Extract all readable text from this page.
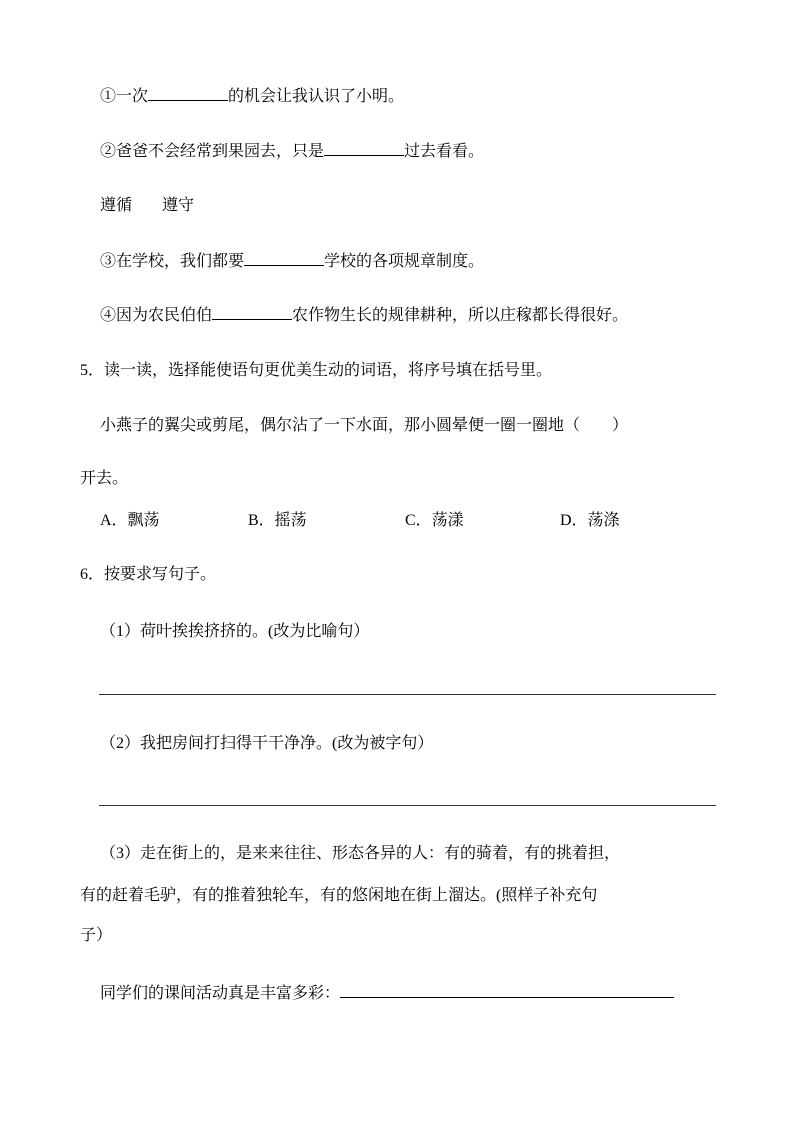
①一次	的机会让我认识了小明。
②爸爸不会经常到果园去，只是	过去看看。
遵循 遵守
③在学校，我们都要	学校的各项规章制度。
④因为农民伯伯	农作物生长的规律耕种，所以庄稼都长得很好。
5．读一读，选择能使语句更优美生动的词语，将序号填在括号里。
小燕子的翼尖或剪尾，偶尔沾了一下水面，那小圆晕便一圈一圈地（　　）
开去。
A．飘荡	B．摇荡	C．荡漾	D．荡涤
6．按要求写句子。
（1）荷叶挨挨挤挤的。(改为比喻句）
（2）我把房间打扫得干干净净。(改为被字句）
（3）走在街上的，是来来往往、形态各异的人：有的骑着，有的挑着担，
有的赶着毛驴，有的推着独轮车，有的悠闲地在街上溜达。(照样子补充句
子）
同学们的课间活动真是丰富多彩：
